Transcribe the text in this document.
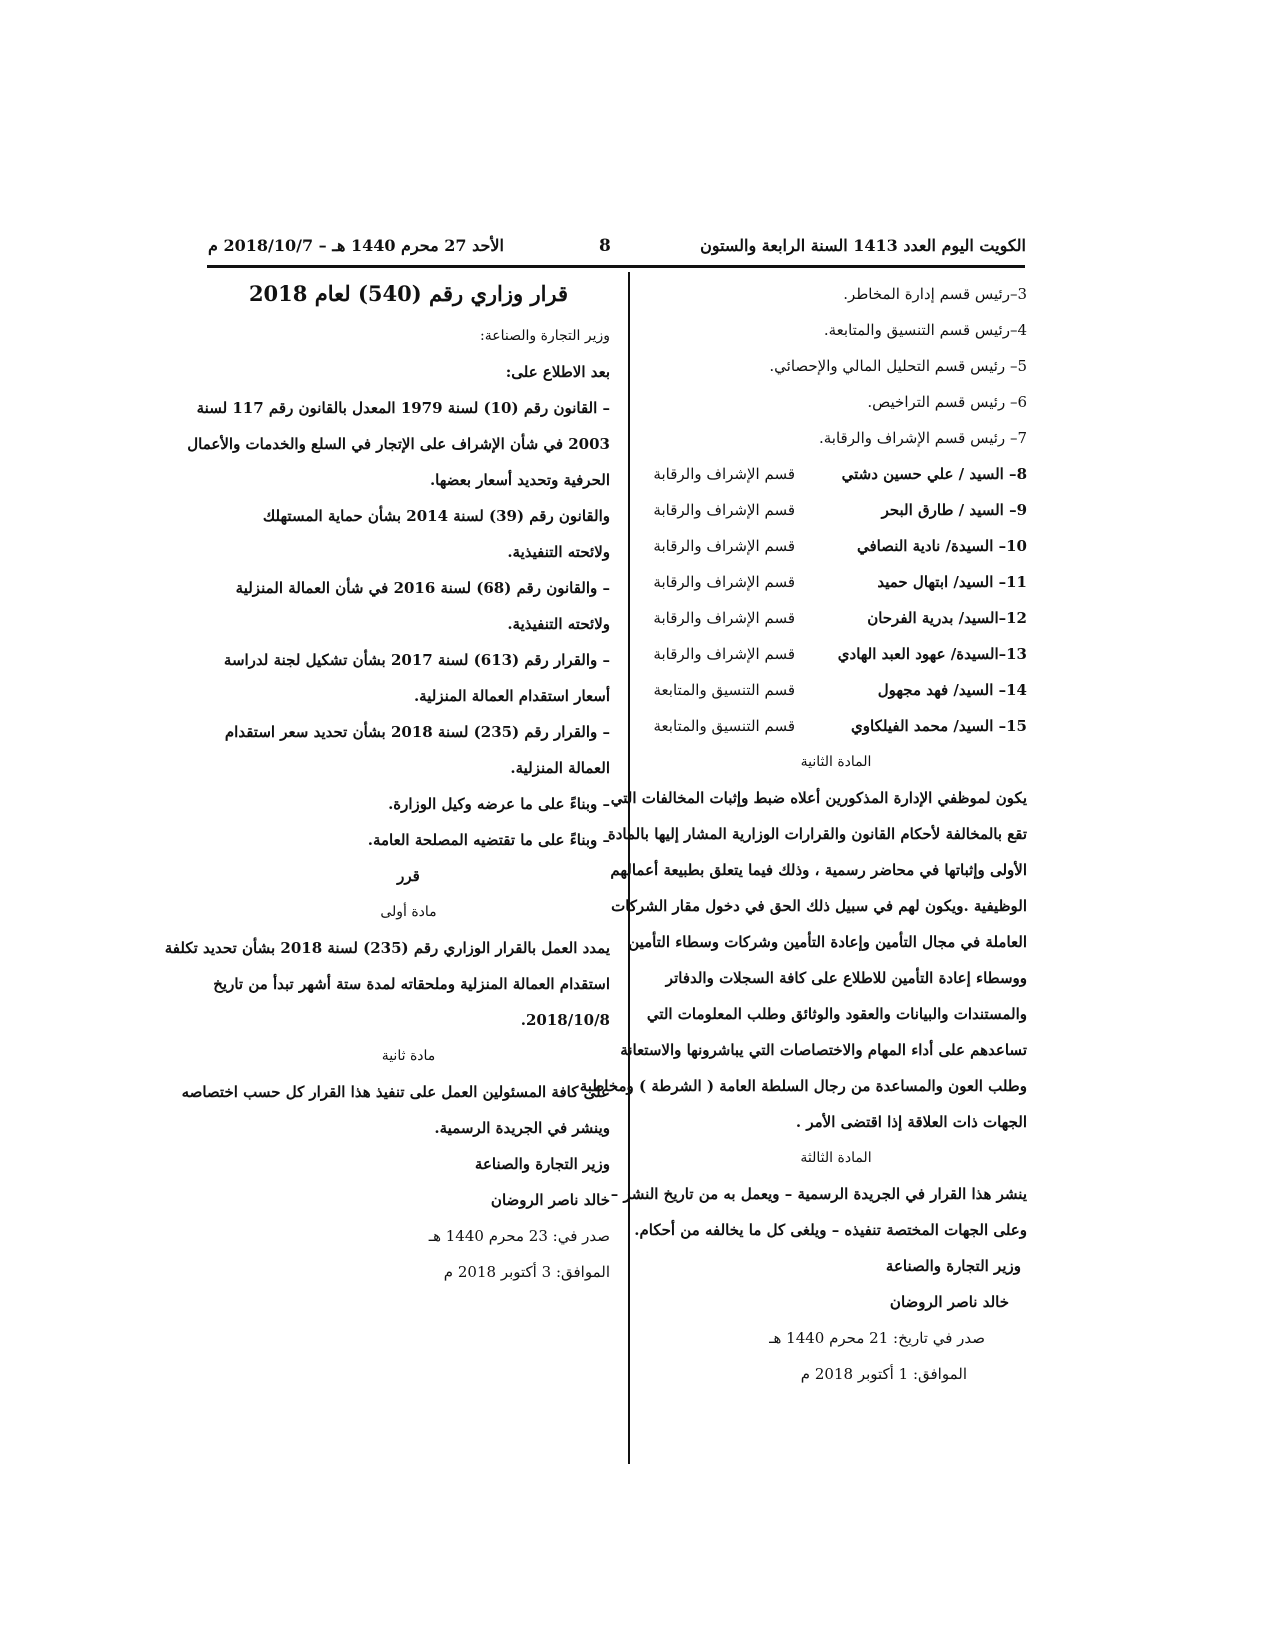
الكويت اليوم العدد 1413 السنة الرابعة والستون
8
الأحد 27 محرم 1440 هـ – 2018/10/7 م
3–رئيس قسم إدارة المخاطر.
4–رئيس قسم التنسيق والمتابعة.
5– رئيس قسم التحليل المالي والإحصائي.
6– رئيس قسم التراخيص.
7– رئيس قسم الإشراف والرقابة.
8– السيد / علي حسين دشتي
قسم الإشراف والرقابة
9– السيد / طارق البحر
قسم الإشراف والرقابة
10– السيدة/ نادية النصافي
قسم الإشراف والرقابة
11– السيد/ ابتهال حميد
قسم الإشراف والرقابة
12–السيد/ بدرية الفرحان
قسم الإشراف والرقابة
13–السيدة/ عهود العبد الهادي
قسم الإشراف والرقابة
14– السيد/ فهد مجهول
قسم التنسيق والمتابعة
15– السيد/ محمد الفيلكاوي
قسم التنسيق والمتابعة
المادة الثانية
يكون لموظفي الإدارة المذكورين أعلاه ضبط وإثبات المخالفات التي
تقع بالمخالفة لأحكام القانون والقرارات الوزارية المشار إليها بالمادة
الأولى وإثباتها في محاضر رسمية ، وذلك فيما يتعلق بطبيعة أعمالهم
الوظيفية .ويكون لهم في سبيل ذلك الحق في دخول مقار الشركات
العاملة في مجال التأمين وإعادة التأمين وشركات وسطاء التأمين
ووسطاء إعادة التأمين للاطلاع على كافة السجلات والدفاتر
والمستندات والبيانات والعقود والوثائق وطلب المعلومات التي
تساعدهم على أداء المهام والاختصاصات التي يباشرونها والاستعانة
وطلب العون والمساعدة من رجال السلطة العامة ( الشرطة ) ومخاطبة
الجهات ذات العلاقة إذا اقتضى الأمر .
المادة الثالثة
ينشر هذا القرار في الجريدة الرسمية – ويعمل به من تاريخ النشر –
وعلى الجهات المختصة تنفيذه – ويلغى كل ما يخالفه من أحكام.
وزير التجارة والصناعة
خالد ناصر الروضان
صدر في تاريخ: 21 محرم 1440 هـ
الموافق: 1 أكتوبر 2018 م
قرار وزاري رقم (540) لعام 2018
وزير التجارة والصناعة:
بعد الاطلاع على:
– القانون رقم (10) لسنة 1979 المعدل بالقانون رقم 117 لسنة
2003 في شأن الإشراف على الإتجار في السلع والخدمات والأعمال
الحرفية وتحديد أسعار بعضها.
والقانون رقم (39) لسنة 2014 بشأن حماية المستهلك
ولائحته التنفيذية.
– والقانون رقم (68) لسنة 2016 في شأن العمالة المنزلية
ولائحته التنفيذية.
– والقرار رقم (613) لسنة 2017 بشأن تشكيل لجنة لدراسة
أسعار استقدام العمالة المنزلية.
– والقرار رقم (235) لسنة 2018 بشأن تحديد سعر استقدام
العمالة المنزلية.
– وبناءً على ما عرضه وكيل الوزارة.
– وبناءً على ما تقتضيه المصلحة العامة.
قرر
مادة أولى
يمدد العمل بالقرار الوزاري رقم (235) لسنة 2018 بشأن تحديد تكلفة
استقدام العمالة المنزلية وملحقاته لمدة ستة أشهر تبدأ من تاريخ
2018/10/8.
مادة ثانية
على كافة المسئولين العمل على تنفيذ هذا القرار كل حسب اختصاصه
وينشر في الجريدة الرسمية.
وزير التجارة والصناعة
خالد ناصر الروضان
صدر في: 23 محرم 1440 هـ
الموافق: 3 أكتوبر 2018 م
